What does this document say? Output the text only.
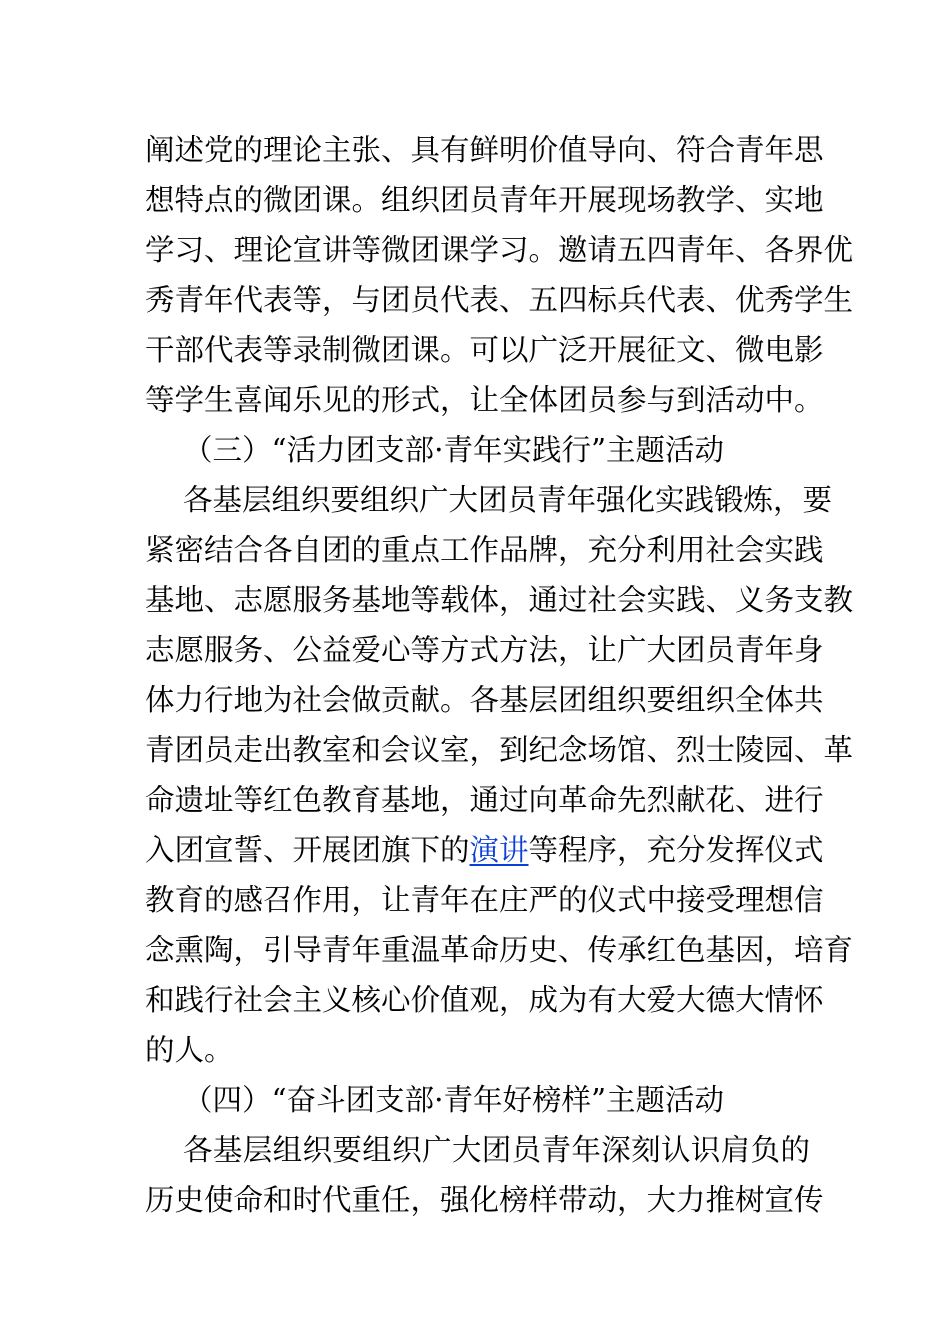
阐述党的理论主张、具有鲜明价值导向、符合青年思
想特点的微团课。组织团员青年开展现场教学、实地
学习、理论宣讲等微团课学习。邀请五四青年、各界优
秀青年代表等，与团员代表、五四标兵代表、优秀学生
干部代表等录制微团课。可以广泛开展征文、微电影
等学生喜闻乐见的形式，让全体团员参与到活动中。
（三）“活力团支部·青年实践行”主题活动
各基层组织要组织广大团员青年强化实践锻炼，要
紧密结合各自团的重点工作品牌，充分利用社会实践
基地、志愿服务基地等载体，通过社会实践、义务支教
志愿服务、公益爱心等方式方法，让广大团员青年身
体力行地为社会做贡献。各基层团组织要组织全体共
青团员走出教室和会议室，到纪念场馆、烈士陵园、革
命遗址等红色教育基地，通过向革命先烈献花、进行
入团宣誓、开展团旗下的演讲等程序，充分发挥仪式
教育的感召作用，让青年在庄严的仪式中接受理想信
念熏陶，引导青年重温革命历史、传承红色基因，培育
和践行社会主义核心价值观，成为有大爱大德大情怀
的人。
（四）“奋斗团支部·青年好榜样”主题活动
各基层组织要组织广大团员青年深刻认识肩负的
历史使命和时代重任，强化榜样带动，大力推树宣传
